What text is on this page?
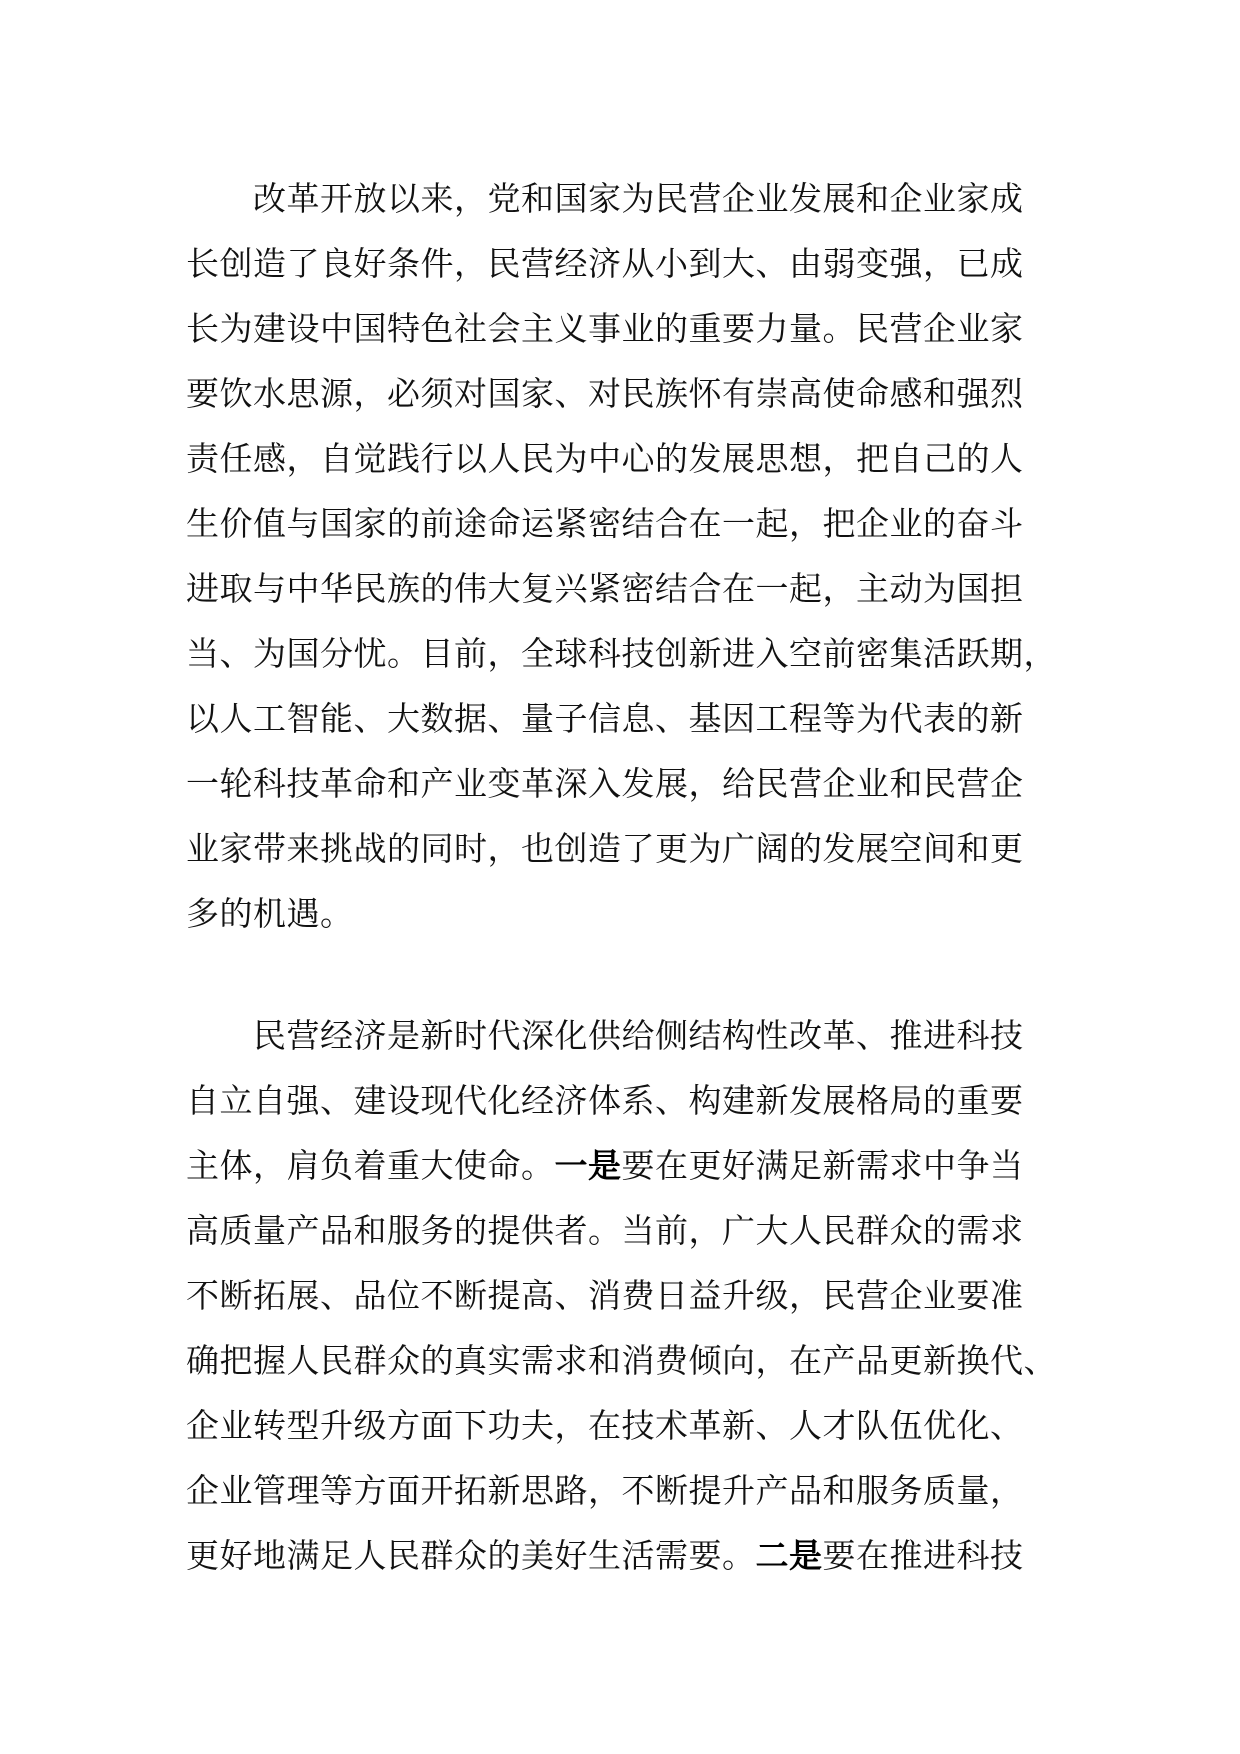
　　改革开放以来，党和国家为民营企业发展和企业家成
长创造了良好条件，民营经济从小到大、由弱变强，已成
长为建设中国特色社会主义事业的重要力量。民营企业家
要饮水思源，必须对国家、对民族怀有崇高使命感和强烈
责任感，自觉践行以人民为中心的发展思想，把自己的人
生价值与国家的前途命运紧密结合在一起，把企业的奋斗
进取与中华民族的伟大复兴紧密结合在一起，主动为国担
当、为国分忧。目前，全球科技创新进入空前密集活跃期，
以人工智能、大数据、量子信息、基因工程等为代表的新
一轮科技革命和产业变革深入发展，给民营企业和民营企
业家带来挑战的同时，也创造了更为广阔的发展空间和更
多的机遇。
　　民营经济是新时代深化供给侧结构性改革、推进科技
自立自强、建设现代化经济体系、构建新发展格局的重要
主体，肩负着重大使命。一是要在更好满足新需求中争当
高质量产品和服务的提供者。当前，广大人民群众的需求
不断拓展、品位不断提高、消费日益升级，民营企业要准
确把握人民群众的真实需求和消费倾向，在产品更新换代、
企业转型升级方面下功夫，在技术革新、人才队伍优化、
企业管理等方面开拓新思路，不断提升产品和服务质量，
更好地满足人民群众的美好生活需要。二是要在推进科技
